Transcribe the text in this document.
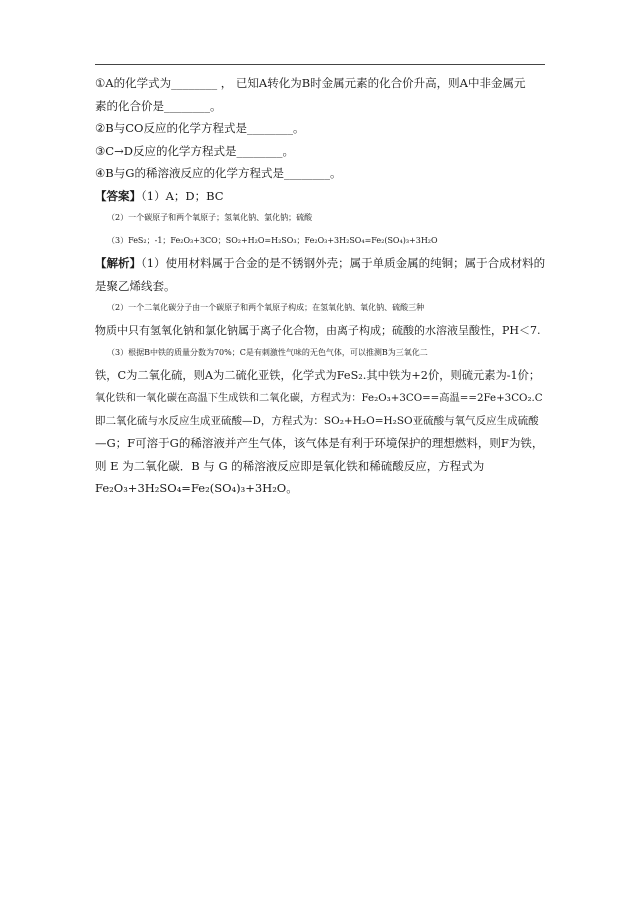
①A的化学式为________ ， 已知A转化为B时金属元素的化合价升高，则A中非金属元
素的化合价是________。
②B与CO反应的化学方程式是________。
③C→D反应的化学方程式是________。
④B与G的稀溶液反应的化学方程式是________。
【答案】（1）A；D；BC
（2）一个碳原子和两个氧原子；氢氧化钠、氯化钠；硫酸
（3）FeS₂；-1；Fe₂O₃+3CO；SO₂+H₂O=H₂SO₃；Fe₂O₃+3H₂SO₄=Fe₂(SO₄)₃+3H₂O
【解析】（1）使用材料属于合金的是不锈钢外壳；属于单质金属的纯铜；属于合成材料的
是聚乙烯线套。
（2）一个二氧化碳分子由一个碳原子和两个氧原子构成；在氢氧化钠、氧化钠、硫酸三种
物质中只有氢氧化钠和氯化钠属于离子化合物，由离子构成；硫酸的水溶液呈酸性，PH＜7.
（3）根据B中铁的质量分数为70%；C是有刺激性气味的无色气体，可以推测B为三氧化二
铁，C为二氧化硫，则A为二硫化亚铁，化学式为FeS₂.其中铁为+2价，则硫元素为-1价；
氧化铁和一氧化碳在高温下生成铁和二氧化碳，方程式为：Fe₂O₃+3CO==高温==2Fe+3CO₂.C
即二氧化硫与水反应生成亚硫酸—D，方程式为：SO₂+H₂O=H₂SO亚硫酸与氧气反应生成硫酸
—G；F可溶于G的稀溶液并产生气体，该气体是有利于环境保护的理想燃料，则F为铁，
则 E 为二氧化碳．B 与 G 的稀溶液反应即是氧化铁和稀硫酸反应，方程式为
Fe₂O₃+3H₂SO₄=Fe₂(SO₄)₃+3H₂O。
